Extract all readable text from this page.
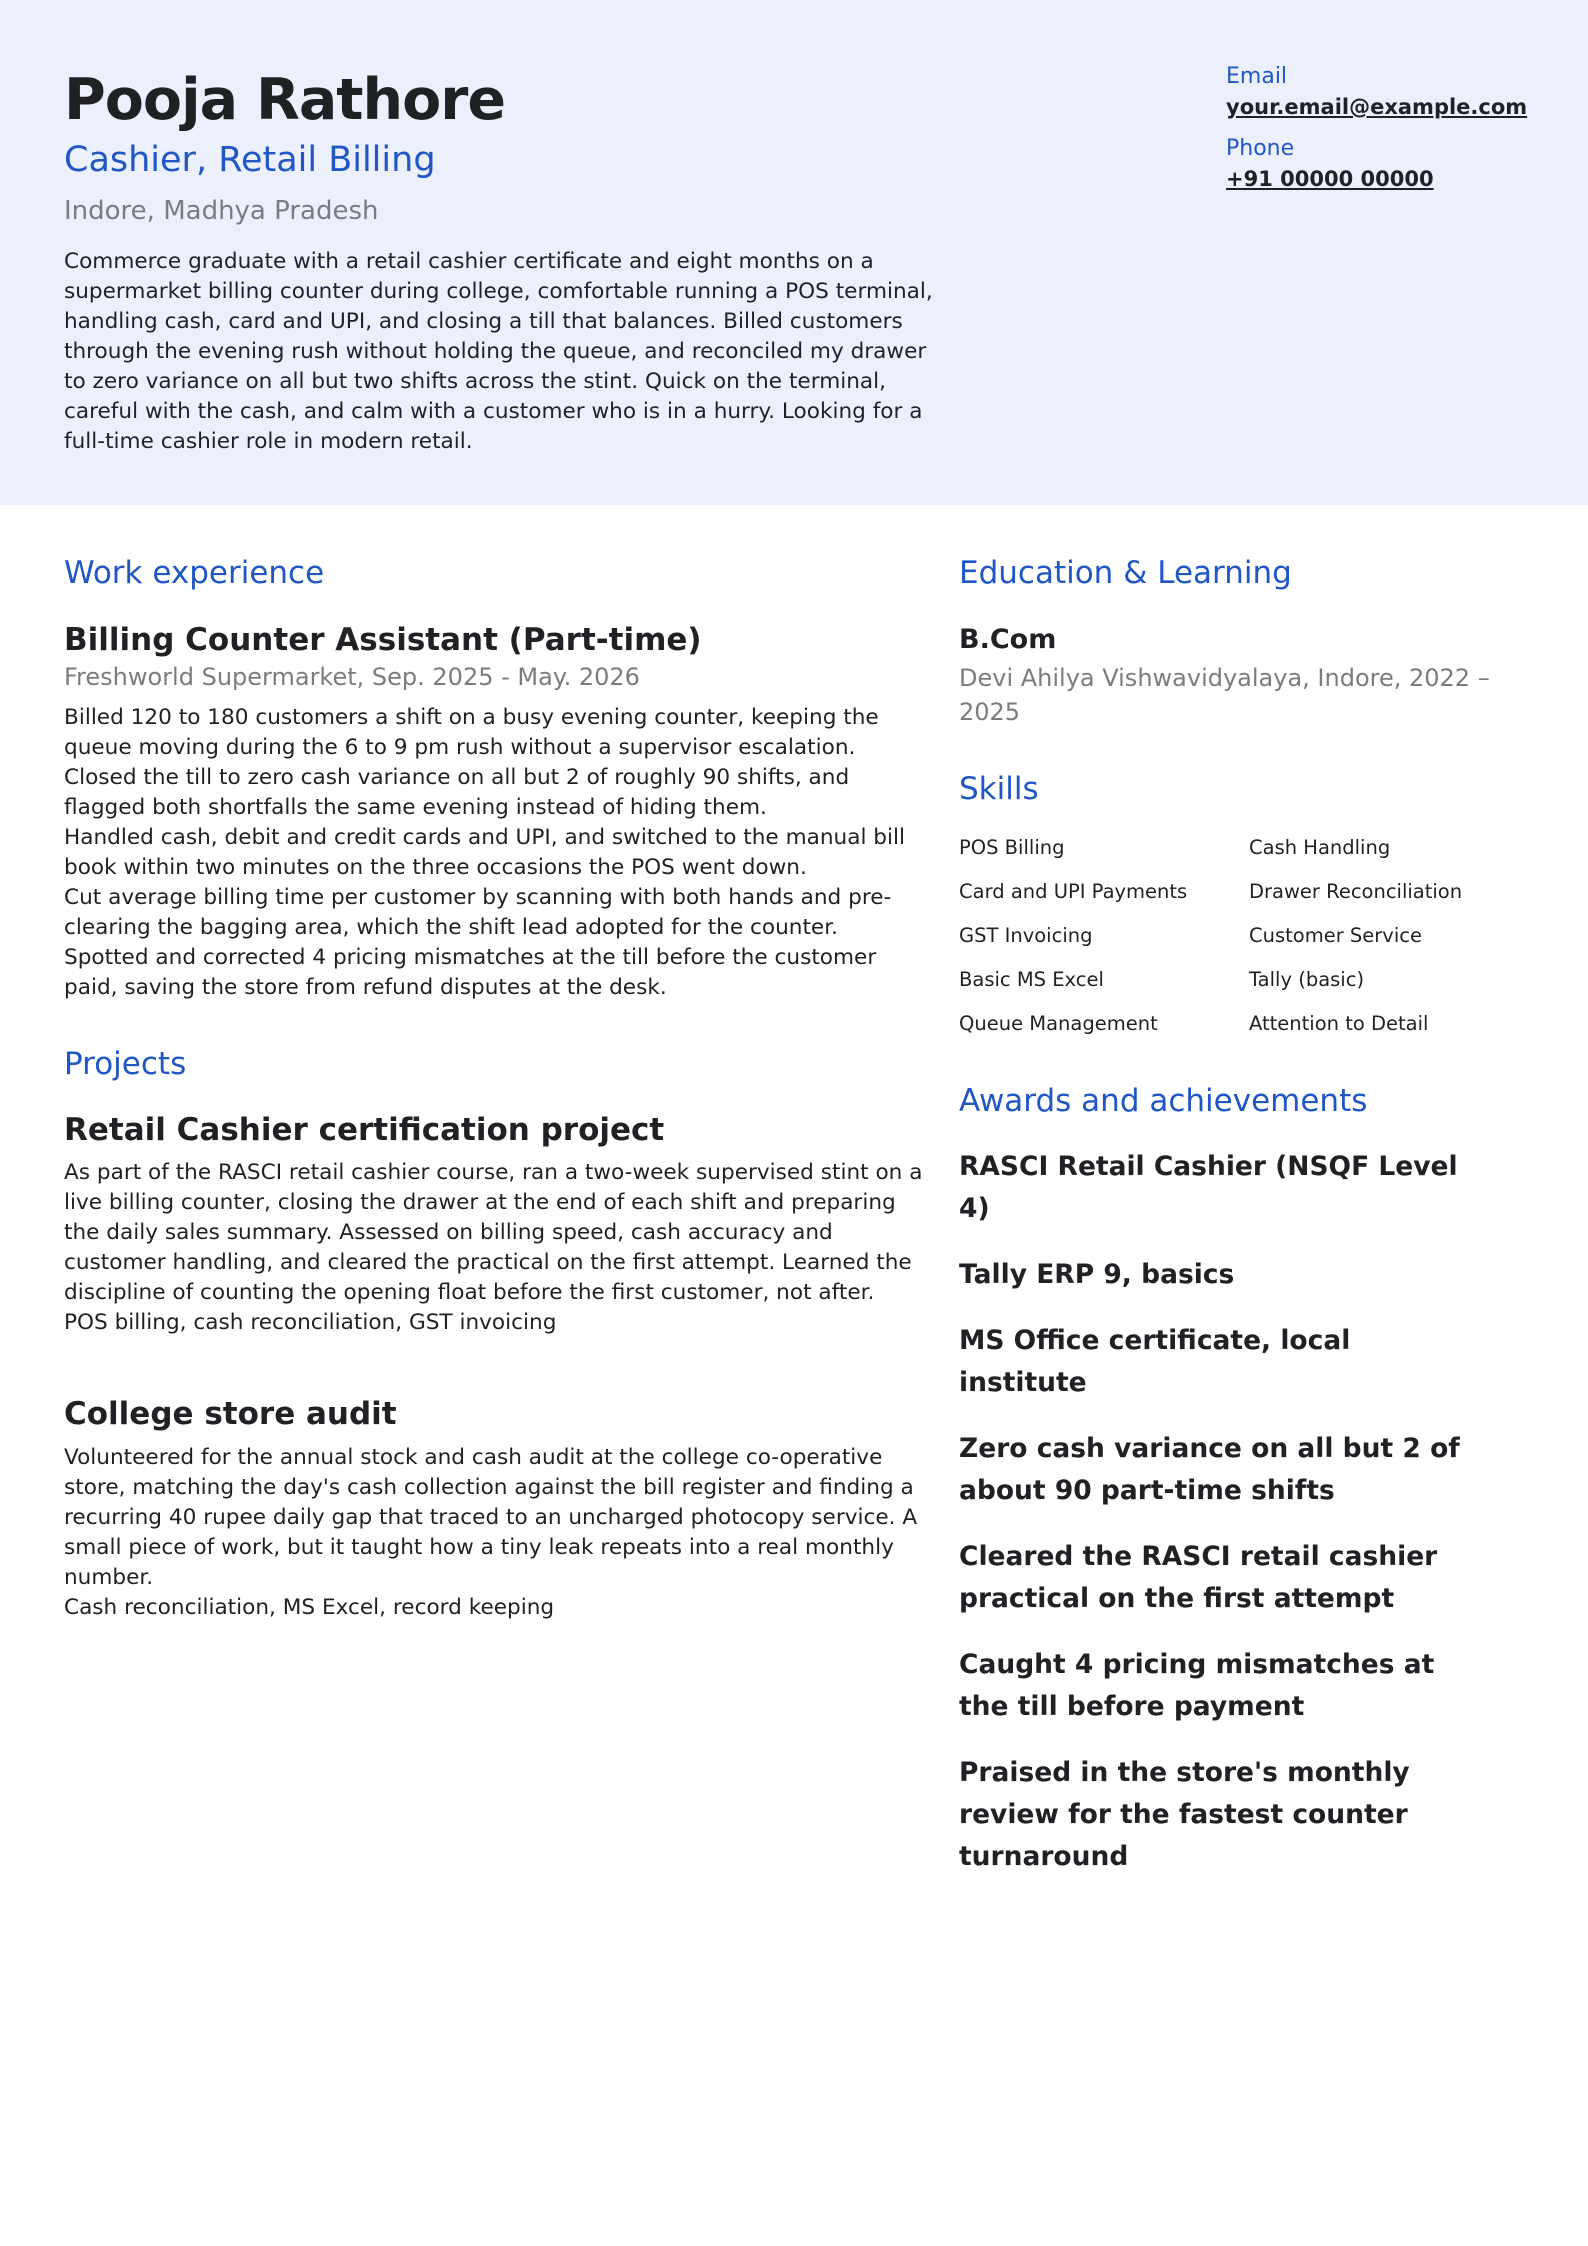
Pooja Rathore
Cashier, Retail Billing
Indore, Madhya Pradesh

Commerce graduate with a retail cashier certificate and eight months on a supermarket billing counter during college, comfortable running a POS terminal, handling cash, card and UPI, and closing a till that balances. Billed customers through the evening rush without holding the queue, and reconciled my drawer to zero variance on all but two shifts across the stint. Quick on the terminal, careful with the cash, and calm with a customer who is in a hurry. Looking for a full-time cashier role in modern retail.

Email
your.email@example.com
Phone
+91 00000 00000
Work experience
Billing Counter Assistant (Part-time)
Freshworld Supermarket, Sep. 2025 - May. 2026
Billed 120 to 180 customers a shift on a busy evening counter, keeping the queue moving during the 6 to 9 pm rush without a supervisor escalation.
Closed the till to zero cash variance on all but 2 of roughly 90 shifts, and flagged both shortfalls the same evening instead of hiding them.
Handled cash, debit and credit cards and UPI, and switched to the manual bill book within two minutes on the three occasions the POS went down.
Cut average billing time per customer by scanning with both hands and pre-clearing the bagging area, which the shift lead adopted for the counter.
Spotted and corrected 4 pricing mismatches at the till before the customer paid, saving the store from refund disputes at the desk.
Projects
Retail Cashier certification project
As part of the RASCI retail cashier course, ran a two-week supervised stint on a live billing counter, closing the drawer at the end of each shift and preparing the daily sales summary. Assessed on billing speed, cash accuracy and customer handling, and cleared the practical on the first attempt. Learned the discipline of counting the opening float before the first customer, not after.
POS billing, cash reconciliation, GST invoicing
College store audit
Volunteered for the annual stock and cash audit at the college co-operative store, matching the day's cash collection against the bill register and finding a recurring 40 rupee daily gap that traced to an uncharged photocopy service. A small piece of work, but it taught how a tiny leak repeats into a real monthly number.
Cash reconciliation, MS Excel, record keeping
Education & Learning
B.Com
Devi Ahilya Vishwavidyalaya, Indore, 2022 – 2025
Skills
POS Billing	Cash Handling
Card and UPI Payments	Drawer Reconciliation
GST Invoicing	Customer Service
Basic MS Excel	Tally (basic)
Queue Management	Attention to Detail
Awards and achievements
RASCI Retail Cashier (NSQF Level 4)
Tally ERP 9, basics
MS Office certificate, local institute
Zero cash variance on all but 2 of about 90 part-time shifts
Cleared the RASCI retail cashier practical on the first attempt
Caught 4 pricing mismatches at the till before payment
Praised in the store's monthly review for the fastest counter turnaround
